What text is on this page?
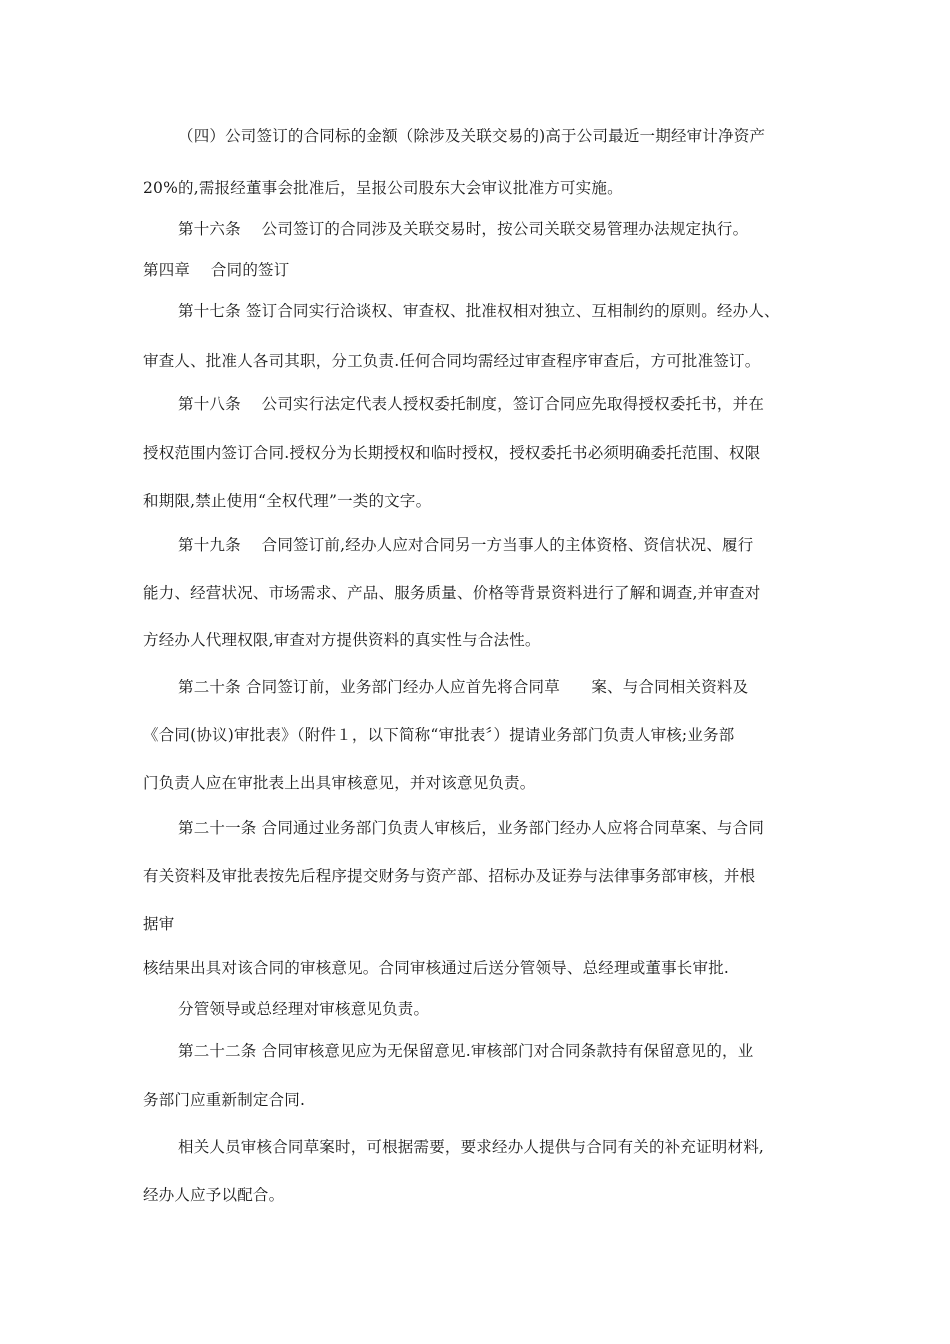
（四）公司签订的合同标的金额（除涉及关联交易的)高于公司最近一期经审计净资产
20%的,需报经董事会批准后，呈报公司股东大会审议批准方可实施。
第十六条　 公司签订的合同涉及关联交易时，按公司关联交易管理办法规定执行。
第四章　 合同的签订
第十七条 签订合同实行洽谈权、审查权、批准权相对独立、互相制约的原则。经办人、
审查人、批准人各司其职，分工负责.任何合同均需经过审查程序审查后，方可批准签订。
第十八条　 公司实行法定代表人授权委托制度，签订合同应先取得授权委托书，并在
授权范围内签订合同.授权分为长期授权和临时授权，授权委托书必须明确委托范围、权限
和期限,禁止使用“全权代理”一类的文字。
第十九条　 合同签订前,经办人应对合同另一方当事人的主体资格、资信状况、履行
能力、经营状况、市场需求、产品、服务质量、价格等背景资料进行了解和调查,并审查对
方经办人代理权限,审查对方提供资料的真实性与合法性。
第二十条 合同签订前，业务部门经办人应首先将合同草　　案、与合同相关资料及
《合同(协议)审批表》（附件１，以下简称“审批表〞）提请业务部门负责人审核;业务部
门负责人应在审批表上出具审核意见，并对该意见负责。
第二十一条 合同通过业务部门负责人审核后，业务部门经办人应将合同草案、与合同
有关资料及审批表按先后程序提交财务与资产部、招标办及证券与法律事务部审核，并根
据审
核结果出具对该合同的审核意见。合同审核通过后送分管领导、总经理或董事长审批.
分管领导或总经理对审核意见负责。
第二十二条 合同审核意见应为无保留意见.审核部门对合同条款持有保留意见的，业
务部门应重新制定合同.
相关人员审核合同草案时，可根据需要，要求经办人提供与合同有关的补充证明材料,
经办人应予以配合。
